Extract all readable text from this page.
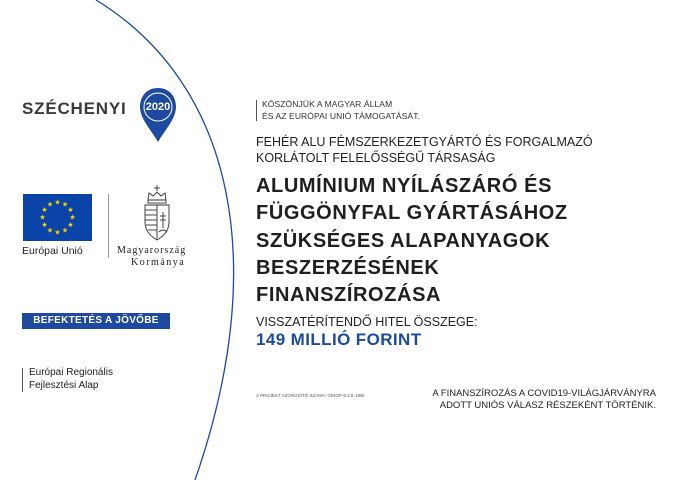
SZÉCHENYI	2020
★ ★
★
★
★
★
★
★
★
★
★
★
Európai Unió	Magyarország
Kormánya
BEFEKTETÉS A JÖVŐBE
Európai Regionális
Fejlesztési Alap
KÖSZÖNJÜK A MAGYAR ÁLLAM
ÉS AZ EURÓPAI UNIÓ TÁMOGATÁSÁT.
FEHÉR ALU FÉMSZERKEZETGYÁRTÓ ÉS FORGALMAZÓ
KORLÁTOLT FELELŐSSÉGŰ TÁRSASÁG
ALUMÍNIUM NYÍLÁSZÁRÓ ÉS
FÜGGÖNYFAL GYÁRTÁSÁHOZ
SZÜKSÉGES ALAPANYAGOK
BESZERZÉSÉNEK
FINANSZÍROZÁSA
VISSZATÉRÍTENDŐ HITEL ÖSSZEGE:
149 MILLIÓ FORINT
A PROJEKT AZONOSÍTÓ SZÁMA: GINOP-8.3.5-18/B	A FINANSZÍROZÁS A COVID19-VILÁGJÁRVÁNYRA
ADOTT UNIÓS VÁLASZ RÉSZEKÉNT TÖRTÉNIK.
